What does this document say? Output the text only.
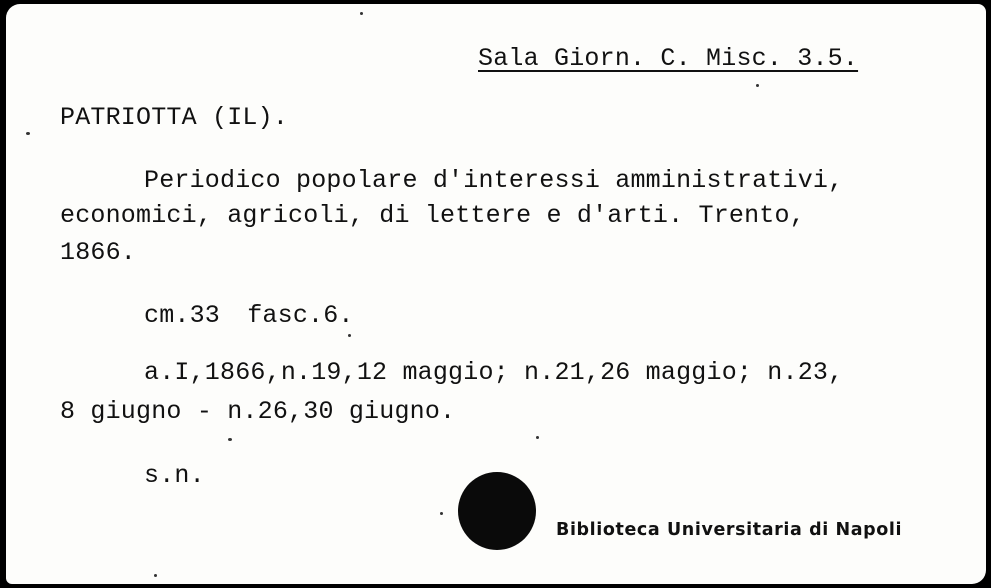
Sala Giorn. C. Misc. 3.5.
PATRIOTTA (IL).
Periodico popolare d'interessi amministrativi,
economici, agricoli, di lettere e d'arti. Trento,
1866.
cm.33 fasc.6.
a.I,1866,n.19,12 maggio; n.21,26 maggio; n.23,
8 giugno - n.26,30 giugno.
s.n.
Biblioteca Universitaria di Napoli
